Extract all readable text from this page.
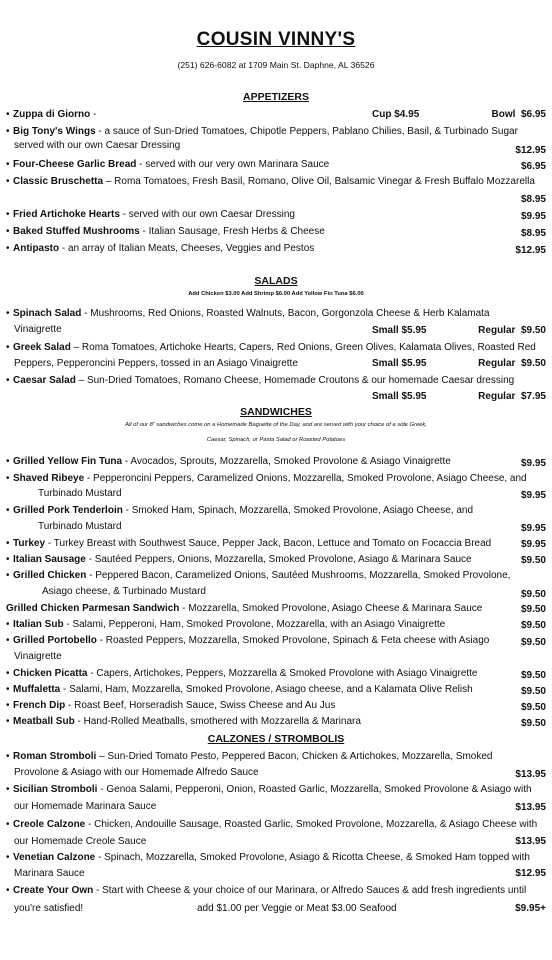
COUSIN VINNY'S
(251) 626-6082 at 1709 Main St. Daphne, AL 36526
APPETIZERS
• Zuppa di Giorno -	Cup $4.95	Bowl $6.95
• Big Tony's Wings - a sauce of Sun-Dried Tomatoes, Chipotle Peppers, Pablano Chilies, Basil, & Turbinado Sugar
served with our own Caesar Dressing	$12.95
• Four-Cheese Garlic Bread - served with our very own Marinara Sauce	$6.95
• Classic Bruschetta – Roma Tomatoes, Fresh Basil, Romano, Olive Oil, Balsamic Vinegar & Fresh Buffalo Mozzarella
$8.95
• Fried Artichoke Hearts - served with our own Caesar Dressing	$9.95
• Baked Stuffed Mushrooms - Italian Sausage, Fresh Herbs & Cheese	$8.95
• Antipasto - an array of Italian Meats, Cheeses, Veggies and Pestos	$12.95
SALADS
Add Chicken $3.00 Add Shrimp $6.00 Add Yellow Fin Tuna $6.00
• Spinach Salad - Mushrooms, Red Onions, Roasted Walnuts, Bacon, Gorgonzola Cheese & Herb Kalamata
Vinaigrette	Small $5.95	Regular $9.50
• Greek Salad – Roma Tomatoes, Artichoke Hearts, Capers, Red Onions, Green Olives, Kalamata Olives, Roasted Red
Peppers, Pepperoncini Peppers, tossed in an Asiago Vinaigrette	Small $5.95	Regular $9.50
• Caesar Salad – Sun-Dried Tomatoes, Romano Cheese, Homemade Croutons & our homemade Caesar dressing
Small $5.95	Regular $7.95
SANDWICHES
All of our 8” sandwiches come on a Homemade Baguette of the Day, and are served with your choice of a side Greek,
Caesar, Spinach, or Pasta Salad or Roasted Potatoes
• Grilled Yellow Fin Tuna - Avocados, Sprouts, Mozzarella, Smoked Provolone & Asiago Vinaigrette	$9.95
• Shaved Ribeye - Pepperoncini Peppers, Caramelized Onions, Mozzarella, Smoked Provolone, Asiago Cheese, and
Turbinado Mustard	$9.95
• Grilled Pork Tenderloin - Smoked Ham, Spinach, Mozzarella, Smoked Provolone, Asiago Cheese, and
Turbinado Mustard	$9.95
• Turkey - Turkey Breast with Southwest Sauce, Pepper Jack, Bacon, Lettuce and Tomato on Focaccia Bread	$9.95
• Italian Sausage - Sautéed Peppers, Onions, Mozzarella, Smoked Provolone, Asiago & Marinara Sauce	$9.50
• Grilled Chicken - Peppered Bacon, Caramelized Onions, Sautéed Mushrooms, Mozzarella, Smoked Provolone,
Asiago cheese, & Turbinado Mustard	$9.50
Grilled Chicken Parmesan Sandwich - Mozzarella, Smoked Provolone, Asiago Cheese & Marinara Sauce	$9.50
• Italian Sub - Salami, Pepperoni, Ham, Smoked Provolone, Mozzarella, with an Asiago Vinaigrette	$9.50
• Grilled Portobello - Roasted Peppers, Mozzarella, Smoked Provolone, Spinach & Feta cheese with Asiago
Vinaigrette
$9.50
• Chicken Picatta - Capers, Artichokes, Peppers, Mozzarella & Smoked Provolone with Asiago Vinaigrette	$9.50
• Muffaletta - Salami, Ham, Mozzarella, Smoked Provolone, Asiago cheese, and a Kalamata Olive Relish	$9.50
• French Dip - Roast Beef, Horseradish Sauce, Swiss Cheese and Au Jus	$9.50
• Meatball Sub - Hand-Rolled Meatballs, smothered with Mozzarella & Marinara	$9.50
CALZONES / STROMBOLIS
• Roman Stromboli – Sun-Dried Tomato Pesto, Peppered Bacon, Chicken & Artichokes, Mozzarella, Smoked
Provolone & Asiago with our Homemade Alfredo Sauce	$13.95
• Sicilian Stromboli - Genoa Salami, Pepperoni, Onion, Roasted Garlic, Mozzarella, Smoked Provolone & Asiago with
our Homemade Marinara Sauce	$13.95
• Creole Calzone - Chicken, Andouille Sausage, Roasted Garlic, Smoked Provolone, Mozzarella, & Asiago Cheese with
our Homemade Creole Sauce	$13.95
• Venetian Calzone - Spinach, Mozzarella, Smoked Provolone, Asiago & Ricotta Cheese, & Smoked Ham topped with
Marinara Sauce	$12.95
• Create Your Own - Start with Cheese & your choice of our Marinara, or Alfredo Sauces & add fresh ingredients until
you're satisfied!	add $1.00 per Veggie or Meat $3.00 Seafood	$9.95+
